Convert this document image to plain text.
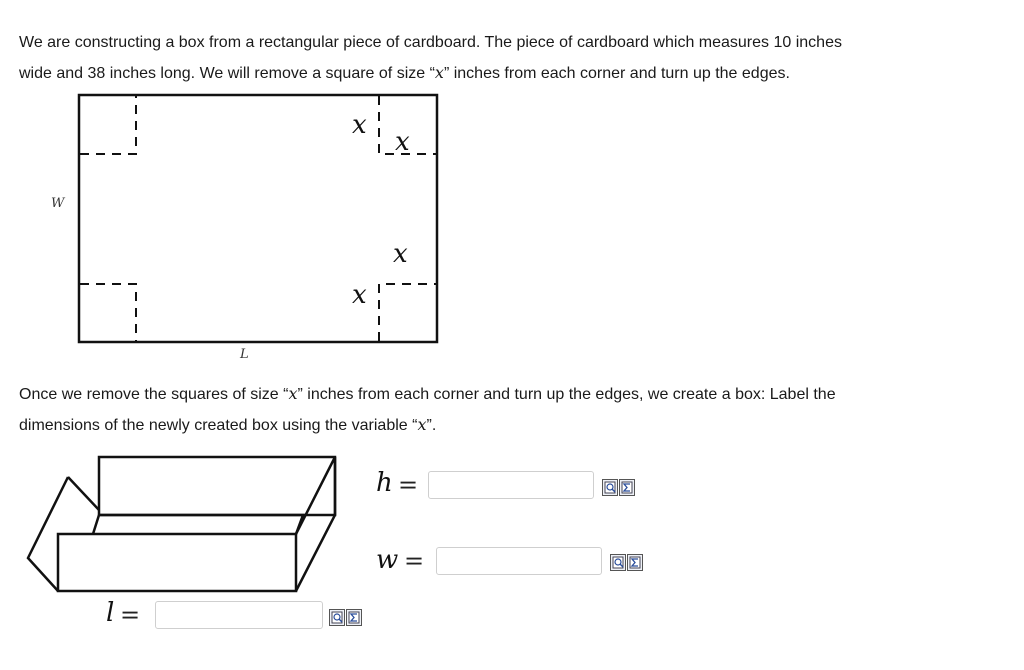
We are constructing a box from a rectangular piece of cardboard. The piece of cardboard which measures 10 inches
wide and 38 inches long. We will remove a square of size “x” inches from each corner and turn up the edges.

W
L
x
x
x
x

Once we remove the squares of size “x” inches from each corner and turn up the edges, we create a box: Label the
dimensions of the newly created box using the variable “x”.

h =
w =
l =
